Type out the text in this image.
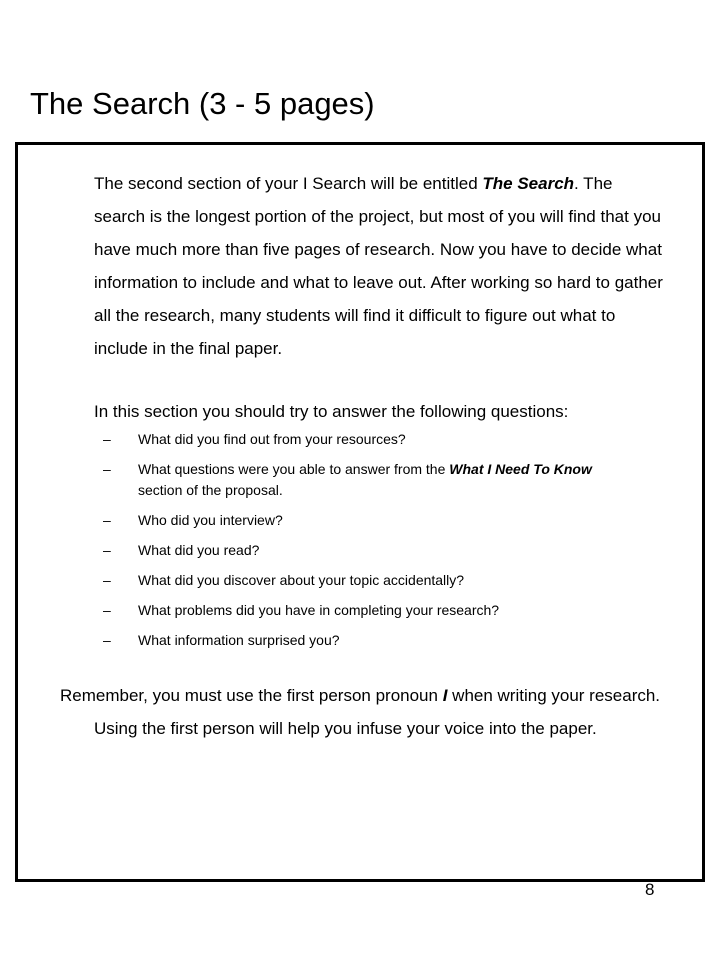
The Search (3 - 5 pages)

The second section of your I Search will be entitled The Search. The search is the longest portion of the project, but most of you will find that you have much more than five pages of research. Now you have to decide what information to include and what to leave out. After working so hard to gather all the research, many students will find it difficult to figure out what to include in the final paper.

In this section you should try to answer the following questions:

– What did you find out from your resources?
– What questions were you able to answer from the What I Need To Know section of the proposal.
– Who did you interview?
– What did you read?
– What did you discover about your topic accidentally?
– What problems did you have in completing your research?
– What information surprised you?

Remember, you must use the first person pronoun I when writing your research. Using the first person will help you infuse your voice into the paper.

8
